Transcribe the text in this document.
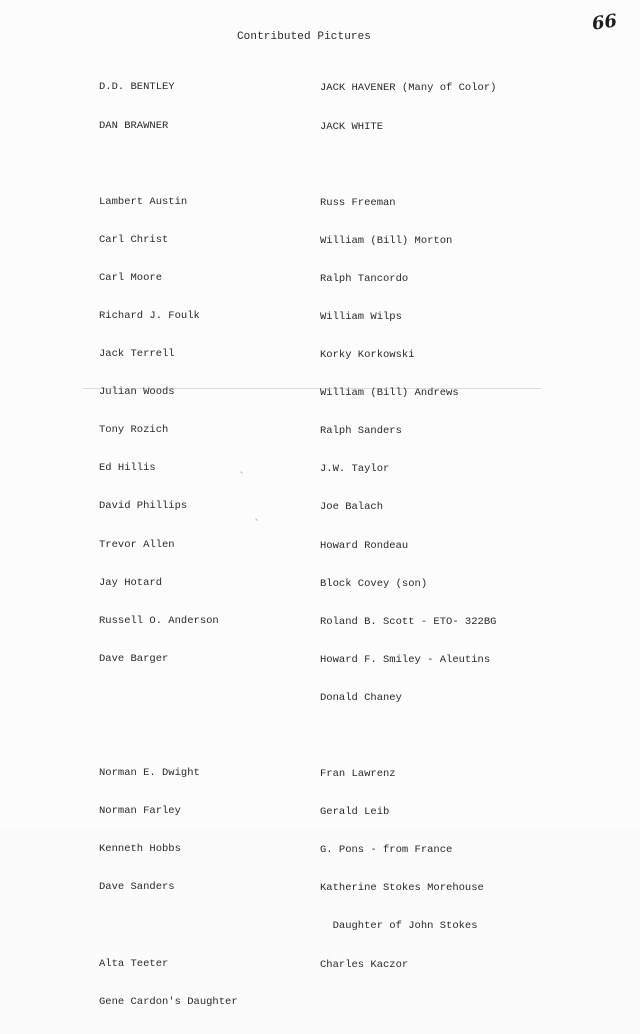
66
Contributed Pictures

D.D. BENTLEY

DAN BRAWNER

Lambert Austin

Carl Christ

Carl Moore

Richard J. Foulk

Jack Terrell

Julian Woods

Tony Rozich

Ed Hillis

David Phillips

Trevor Allen

Jay Hotard

Russell O. Anderson

Dave Barger

Norman E. Dwight

Norman Farley

Kenneth Hobbs

Dave Sanders

Alta Teeter

Gene Cardon's Daughter

JACK HAVENER (Many of Color)

JACK WHITE

Russ Freeman

William (Bill) Morton

Ralph Tancordo

William Wilps

Korky Korkowski

William (Bill) Andrews

Ralph Sanders

J.W. Taylor

Joe Balach

Howard Rondeau

Block Covey (son)

Roland B. Scott - ETO- 322BG

Howard F. Smiley - Aleutins

Donald Chaney

Fran Lawrenz

Gerald Leib

G. Pons - from France

Katherine Stokes Morehouse

Daughter of John Stokes

Charles Kaczor
